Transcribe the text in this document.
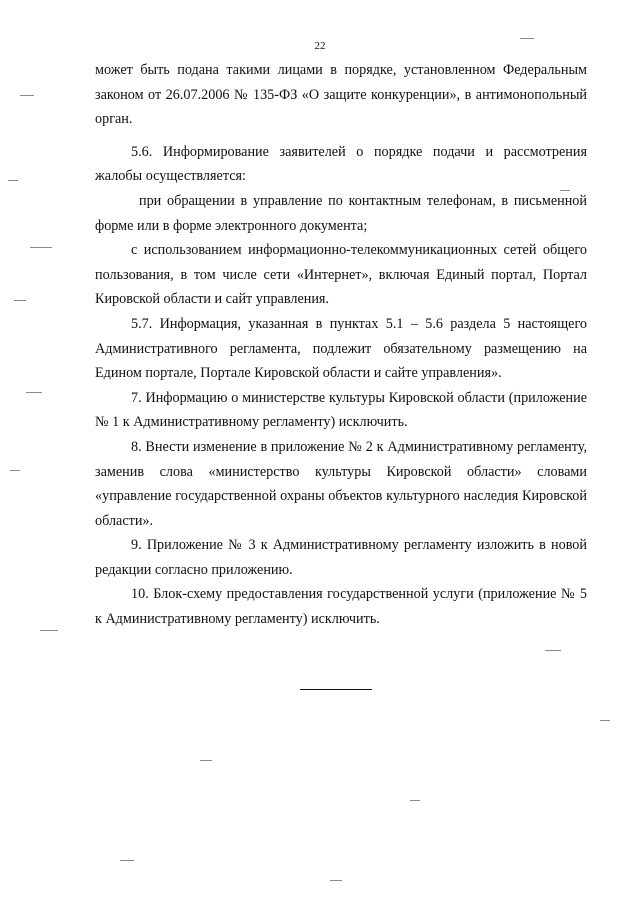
22

может быть подана такими лицами в порядке, установленном Федеральным законом от 26.07.2006 № 135-ФЗ «О защите конкуренции», в антимонопольный орган.

5.6. Информирование заявителей о порядке подачи и рассмотрения жалобы осуществляется:

при обращении в управление по контактным телефонам, в письменной форме или в форме электронного документа;

с использованием информационно-телекоммуникационных сетей общего пользования, в том числе сети «Интернет», включая Единый портал, Портал Кировской области и сайт управления.

5.7. Информация, указанная в пунктах 5.1 – 5.6 раздела 5 настоящего Административного регламента, подлежит обязательному размещению на Едином портале, Портале Кировской области и сайте управления».

7. Информацию о министерстве культуры Кировской области (приложение № 1 к Административному регламенту) исключить.

8. Внести изменение в приложение № 2 к Административному регламенту, заменив слова «министерство культуры Кировской области» словами «управление государственной охраны объектов культурного наследия Кировской области».

9. Приложение № 3 к Административному регламенту изложить в новой редакции согласно приложению.

10. Блок-схему предоставления государственной услуги (приложение № 5 к Административному регламенту) исключить.
